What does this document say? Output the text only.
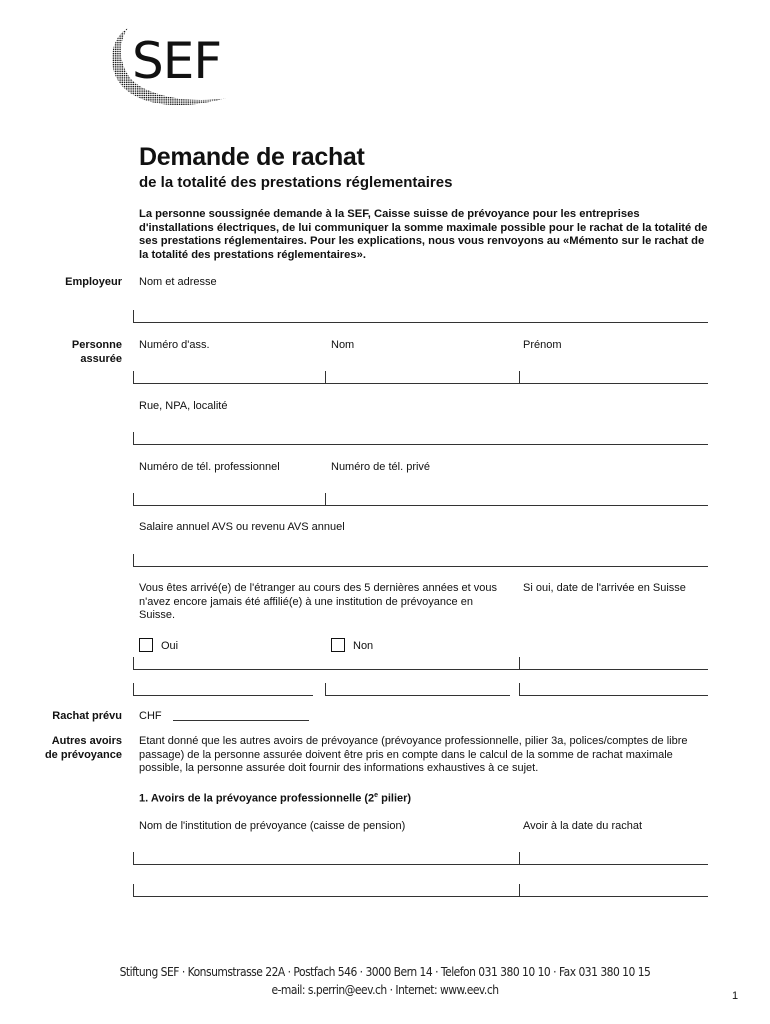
SEF
Demande de rachat
de la totalité des prestations réglementaires
La personne soussignée demande à la SEF, Caisse suisse de prévoyance pour les entreprises d'installations électriques, de lui communiquer la somme maximale possible pour le rachat de la totalité de ses prestations réglementaires. Pour les explications, nous vous renvoyons au «Mémento sur le rachat de la totalité des prestations réglementaires».
Employeur Nom et adresse
Personne
assurée
Numéro d'ass.	Nom	Prénom
Rue, NPA, localité
Numéro de tél. professionnel	Numéro de tél. privé
Salaire annuel AVS ou revenu AVS annuel
Vous êtes arrivé(e) de l'étranger au cours des 5 dernières années et vous n'avez encore jamais été affilié(e) à une institution de prévoyance en Suisse.
Si oui, date de l'arrivée en Suisse
Oui	Non
Rachat prévu CHF
Autres avoirs
de prévoyance
Etant donné que les autres avoirs de prévoyance (prévoyance professionnelle, pilier 3a, polices/comptes de libre passage) de la personne assurée doivent être pris en compte dans le calcul de la somme de rachat maximale possible, la personne assurée doit fournir des informations exhaustives à ce sujet.
1. Avoirs de la prévoyance professionnelle (2e pilier)
Nom de l'institution de prévoyance (caisse de pension)	Avoir à la date du rachat
Stiftung SEF · Konsumstrasse 22A · Postfach 546 · 3000 Bern 14 · Telefon 031 380 10 10 · Fax 031 380 10 15
e-mail: s.perrin@eev.ch · Internet: www.eev.ch	1
